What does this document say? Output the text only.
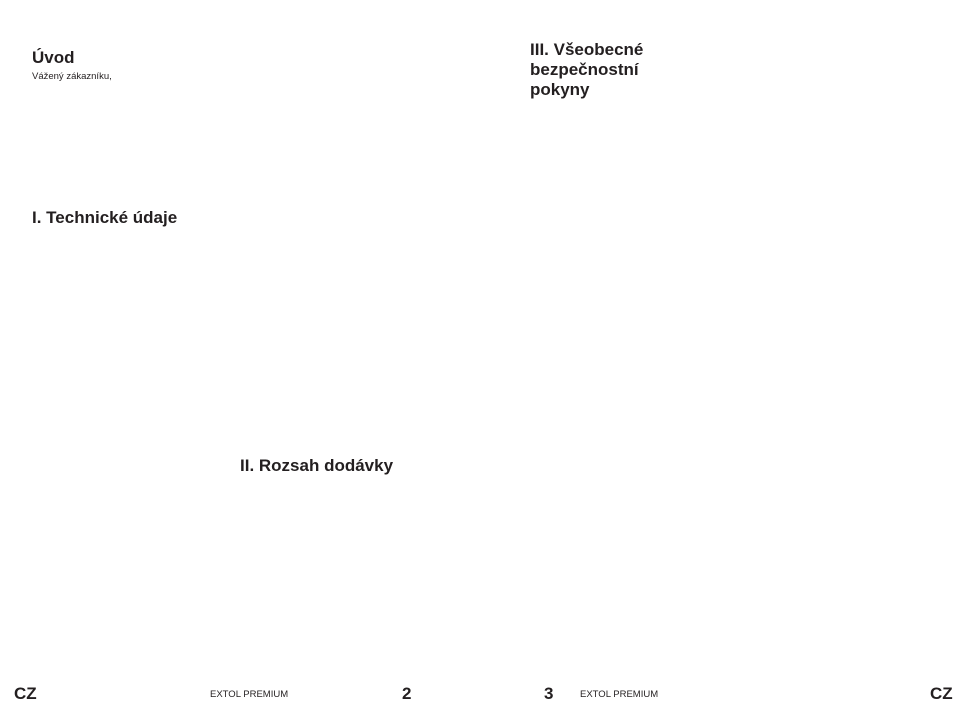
Úvod
Vážený zákazníku,
I. Technické údaje
II. Rozsah dodávky
CZ	EXTOL PREMIUM	2
III. Všeobecné bezpečnostní pokyny
3	EXTOL PREMIUM	CZ
